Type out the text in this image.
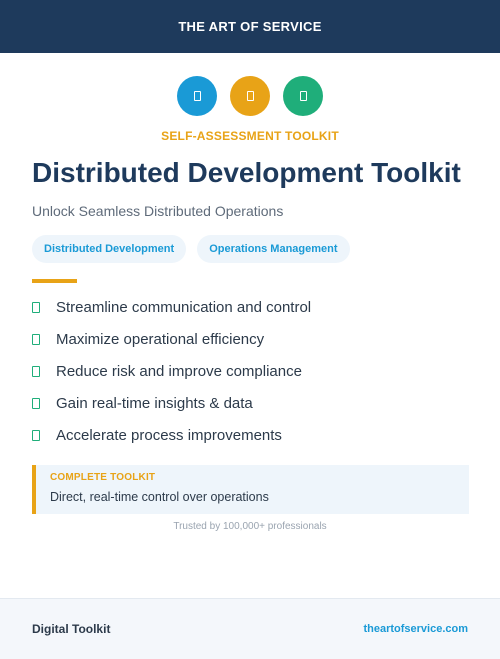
THE ART OF SERVICE
SELF-ASSESSMENT TOOLKIT
Distributed Development Toolkit

Unlock Seamless Distributed Operations

Distributed Development	Operations Management
Streamline communication and control
Maximize operational efficiency
Reduce risk and improve compliance
Gain real-time insights & data
Accelerate process improvements
COMPLETE TOOLKIT
Direct, real-time control over operations
Trusted by 100,000+ professionals
Digital Toolkit	theartofservice.com
